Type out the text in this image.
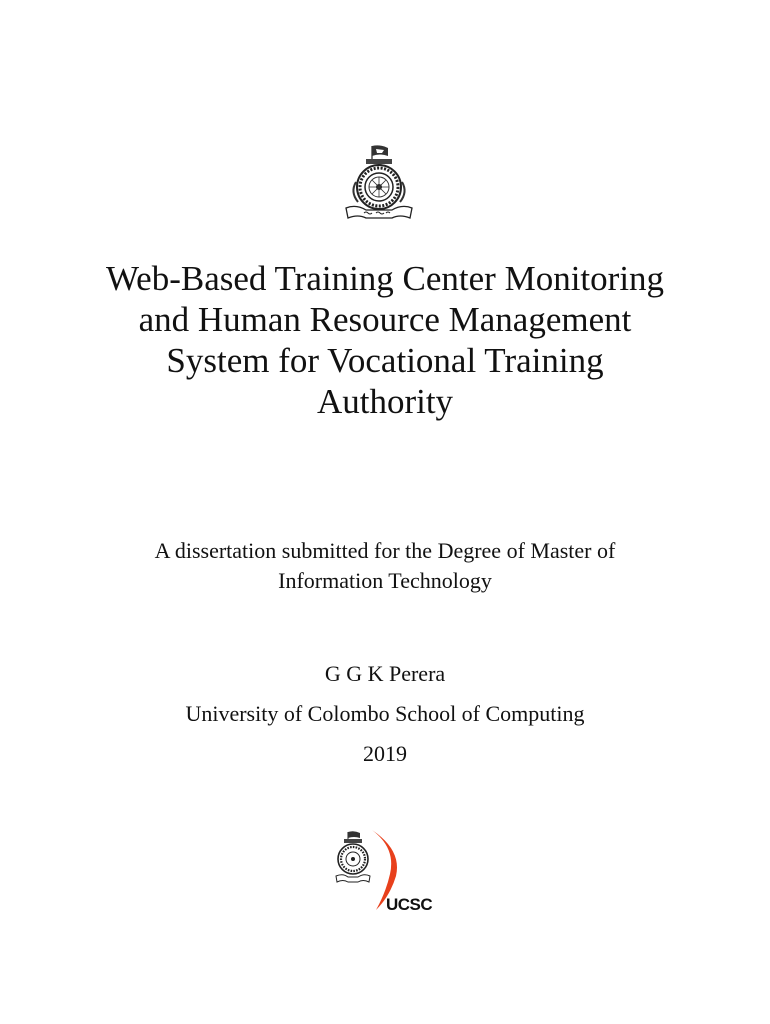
Web-Based Training Center Monitoring
and Human Resource Management
System for Vocational Training
Authority
A dissertation submitted for the Degree of Master of
Information Technology
G G K Perera
University of Colombo School of Computing
2019
UCSC
